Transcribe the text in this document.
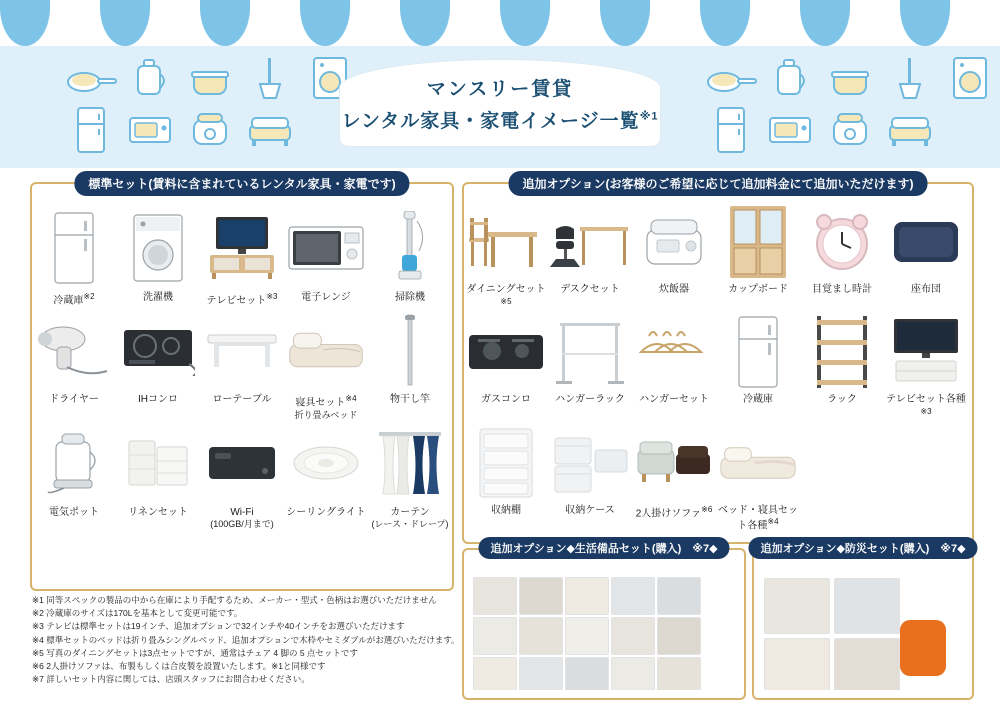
マンスリー賃貸
レンタル家具・家電イメージ一覧$^{※1}$
標準セット(賃料に含まれているレンタル家具・家電です)
冷蔵庫$^{※2}$	洗濯機	テレビセット$^{※3}$ 電子レンジ	掃除機
ドライヤー	IHコンロ	ローテーブル 寝具セット$^{※4}$
折り畳みベッド
物干し竿
電気ポット	リネンセット	Wi-Fi
(100GB/月まで)
シーリングライト	カーテン
(レース・ドレープ)
追加オプション(お客様のご希望に応じて追加料金にて追加いただけます)
ダイニングセット$^{※5}$
デスクセット	炊飯器	カップボード 目覚まし時計	座布団
ガスコンロ ハンガーラック ハンガーセット	冷蔵庫	ラック	テレビセット各種$^{※3}$
収納棚	収納ケース 2人掛けソファ$^{※6}$ ベッド・寝具セット各種$^{※4}$
追加オプション◆生活備品セット(購入)　※7◆	追加オプション◆防災セット(購入)　※7◆
※1 同等スペックの製品の中から在庫により手配するため、メーカー・型式・色柄はお選びいただけません
※2 冷蔵庫のサイズは170Lを基本として変更可能です。
※3 テレビは標準セットは19インチ、追加オプションで32インチや40インチをお選びいただけます
※4 標準セットのベッドは折り畳みシングルベッド、追加オプションで木枠やセミダブルがお選びいただけます。
※5 写真のダイニングセットは3点セットですが、通常はチェア 4 脚の 5 点セットです
※6 2人掛けソファは、布製もしくは合皮製を設置いたします。※1と同様です
※7 詳しいセット内容に関しては、店頭スタッフにお問合わせください。
